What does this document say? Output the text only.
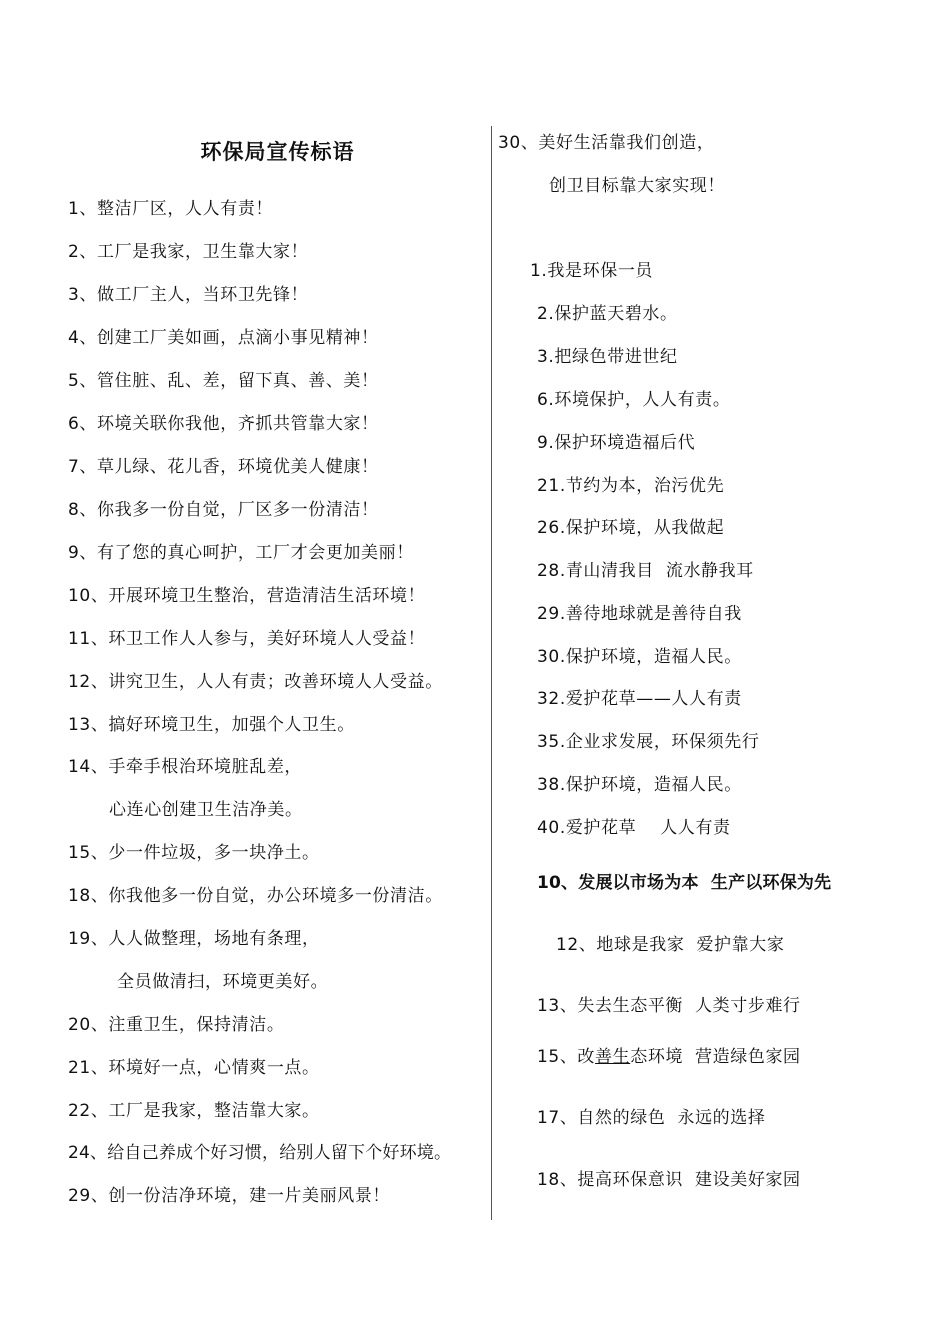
环保局宣传标语
1、整洁厂区，人人有责！
2、工厂是我家，卫生靠大家！
3、做工厂主人，当环卫先锋！
4、创建工厂美如画，点滴小事见精神！
5、管住脏、乱、差，留下真、善、美！
6、环境关联你我他，齐抓共管靠大家！
7、草儿绿、花儿香，环境优美人健康！
8、你我多一份自觉，厂区多一份清洁！
9、有了您的真心呵护，工厂才会更加美丽！
10、开展环境卫生整治，营造清洁生活环境！
11、环卫工作人人参与，美好环境人人受益！
12、讲究卫生，人人有责；改善环境人人受益。
13、搞好环境卫生，加强个人卫生。
14、手牵手根治环境脏乱差，
心连心创建卫生洁净美。
15、少一件垃圾，多一块净土。
18、你我他多一份自觉，办公环境多一份清洁。
19、人人做整理，场地有条理，
全员做清扫，环境更美好。
20、注重卫生，保持清洁。
21、环境好一点，心情爽一点。
22、工厂是我家，整洁靠大家。
24、给自己养成个好习惯，给别人留下个好环境。
29、创一份洁净环境，建一片美丽风景！
30、美好生活靠我们创造，
创卫目标靠大家实现！
1.我是环保一员
2.保护蓝天碧水。
3.把绿色带进世纪
6.环境保护，人人有责。
9.保护环境造福后代
21.节约为本，治污优先
26.保护环境，从我做起
28.青山清我目  流水静我耳
29.善待地球就是善待自我
30.保护环境，造福人民。
32.爱护花草——人人有责
35.企业求发展，环保须先行
38.保护环境，造福人民。
40.爱护花草    人人有责
10、发展以市场为本  生产以环保为先
12、地球是我家  爱护靠大家
13、失去生态平衡  人类寸步难行
15、改善生态环境  营造绿色家园
17、自然的绿色  永远的选择
18、提高环保意识  建设美好家园
